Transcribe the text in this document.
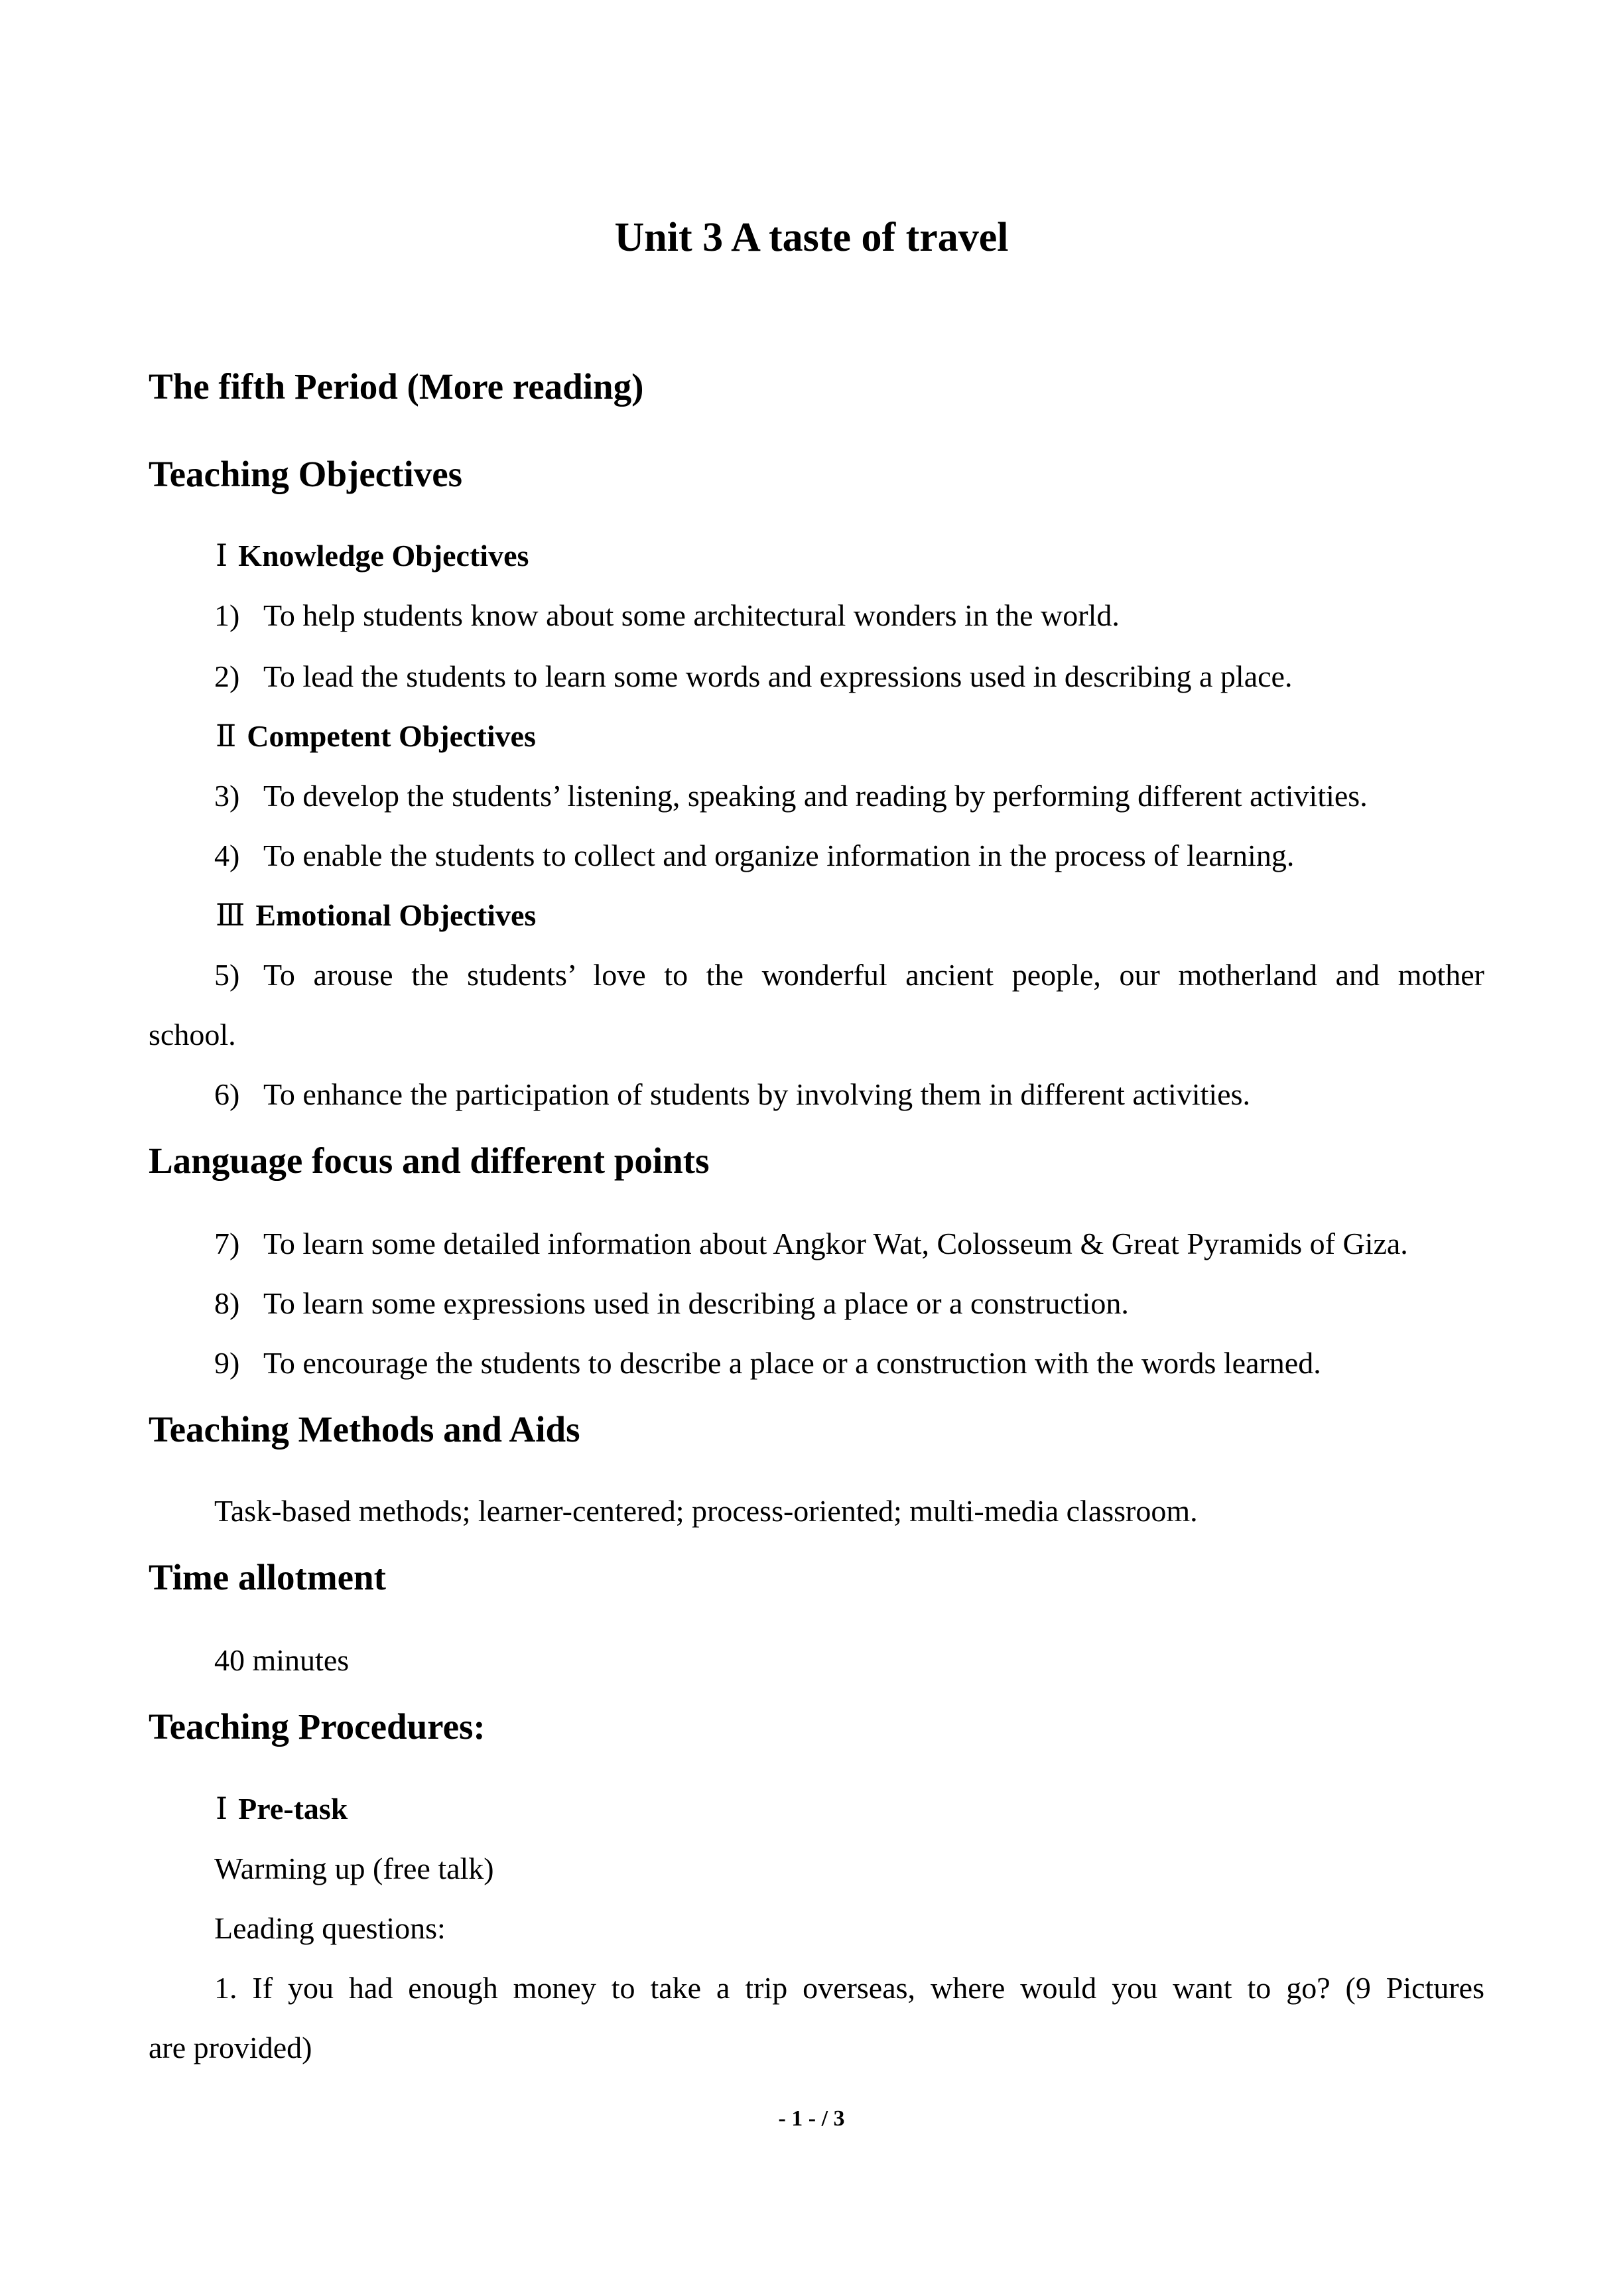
Unit 3 A taste of travel
The fifth Period (More reading)
Teaching Objectives

Ⅰ Knowledge Objectives

1) To help students know about some architectural wonders in the world.

2) To lead the students to learn some words and expressions used in describing a place.

Ⅱ Competent Objectives

3) To develop the students’ listening, speaking and reading by performing different activities.

4) To enable the students to collect and organize information in the process of learning.

Ⅲ Emotional Objectives

5) To arouse the students’ love to the wonderful ancient people, our motherland and mother

school.

6) To enhance the participation of students by involving them in different activities.

Language focus and different points

7) To learn some detailed information about Angkor Wat, Colosseum & Great Pyramids of Giza.

8) To learn some expressions used in describing a place or a construction.

9) To encourage the students to describe a place or a construction with the words learned.

Teaching Methods and Aids

Task-based methods; learner-centered; process-oriented; multi-media classroom.

Time allotment

40 minutes

Teaching Procedures:

Ⅰ Pre-task

Warming up (free talk)

Leading questions:

1. If you had enough money to take a trip overseas, where would you want to go? (9 Pictures

are provided)

- 1 - / 3
